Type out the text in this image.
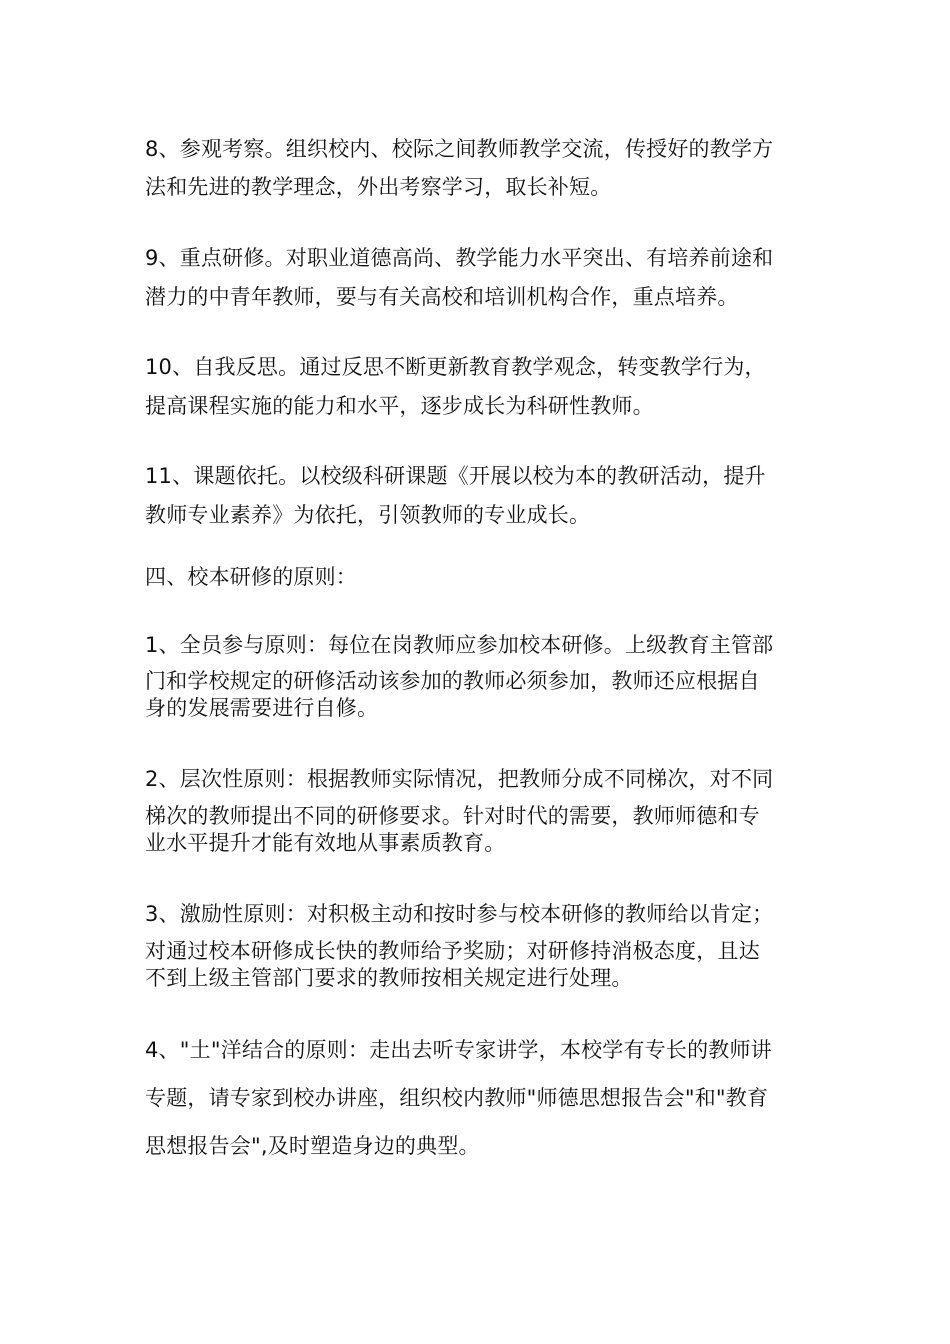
8、参观考察。组织校内、校际之间教师教学交流，传授好的教学方
法和先进的教学理念，外出考察学习，取长补短。
9、重点研修。对职业道德高尚、教学能力水平突出、有培养前途和
潜力的中青年教师，要与有关高校和培训机构合作，重点培养。
10、自我反思。通过反思不断更新教育教学观念，转变教学行为，
提高课程实施的能力和水平，逐步成长为科研性教师。
11、课题依托。以校级科研课题《开展以校为本的教研活动，提升
教师专业素养》为依托，引领教师的专业成长。
四、校本研修的原则：
1、全员参与原则：每位在岗教师应参加校本研修。上级教育主管部
门和学校规定的研修活动该参加的教师必须参加，教师还应根据自
身的发展需要进行自修。
2、层次性原则：根据教师实际情况，把教师分成不同梯次，对不同
梯次的教师提出不同的研修要求。针对时代的需要，教师师德和专
业水平提升才能有效地从事素质教育。
3、激励性原则：对积极主动和按时参与校本研修的教师给以肯定；
对通过校本研修成长快的教师给予奖励；对研修持消极态度，且达
不到上级主管部门要求的教师按相关规定进行处理。
4、"土"洋结合的原则：走出去听专家讲学，本校学有专长的教师讲
专题，请专家到校办讲座，组织校内教师"师德思想报告会"和"教育
思想报告会",及时塑造身边的典型。
